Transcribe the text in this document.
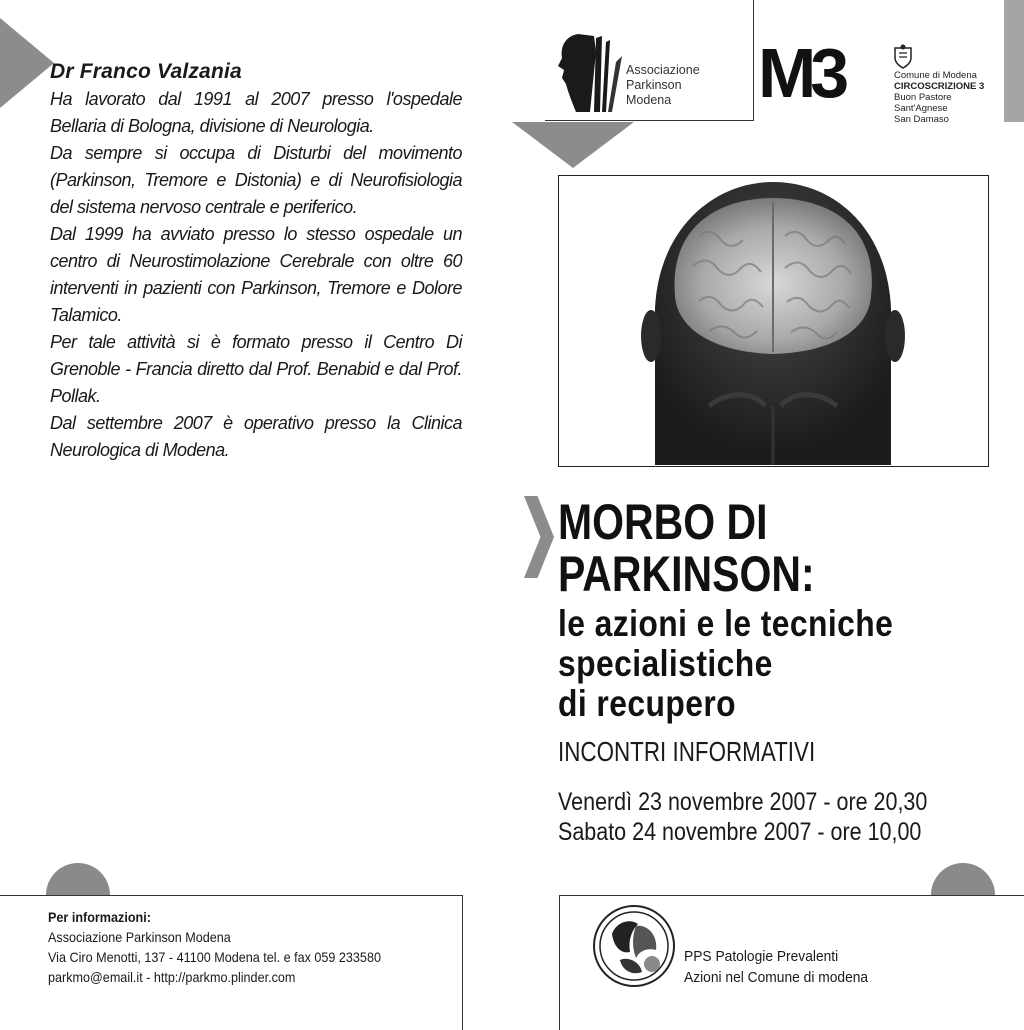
Dr Franco Valzania

Ha lavorato dal 1991 al 2007 presso l'ospedale Bellaria di Bologna, divisione di Neurologia.

Da sempre si occupa di Disturbi del movimento (Parkinson, Tremore e Distonia) e di Neurofisiologia del sistema nervoso centrale e periferico.

Dal 1999 ha avviato presso lo stesso ospedale un centro di Neurostimolazione Cerebrale con oltre 60 interventi in pazienti con Parkinson, Tremore e Dolore Talamico.

Per tale attività si è formato presso il Centro Di Grenoble - Francia diretto dal Prof. Benabid e dal Prof. Pollak.

Dal settembre 2007 è operativo presso la Clinica Neurologica di Modena.

Associazione
Parkinson
Modena	M3	Comune di Modena
CIRCOSCRIZIONE 3
Buon Pastore
Sant'Agnese
San Damaso
MORBO DI
PARKINSON:
le azioni e le tecniche
specialistiche
di recupero
INCONTRI INFORMATIVI
Venerdì 23 novembre 2007 - ore 20,30
Sabato 24 novembre 2007 - ore 10,00
Per informazioni:
Associazione Parkinson Modena
Via Ciro Menotti, 137 - 41100 Modena tel. e fax 059 233580
parkmo@email.it - http://parkmo.plinder.com
PPS Patologie Prevalenti
Azioni nel Comune di modena
